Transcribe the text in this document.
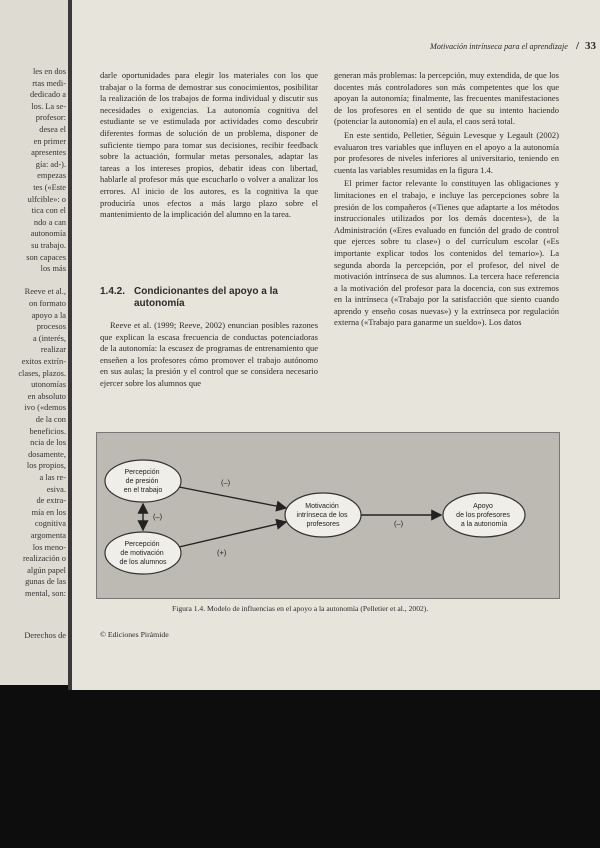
les en dos
rtas medi-
dedicado a
los. La se-
profesor:
desea el
en primer
apresentes
gía: ad-).
empezas
tes («Este
ulfcible»: o
tica con el
ndo a can
autonomía
su trabajo.
son capaces
los más
Reeve et al.,
on formato
apoyo a la
procesos
a (interés,
realizar
exitos extrín-
clases, plazos.
utonomías
en absoluto
ivo («demos
de la con
beneficios.
ncia de los
dosamente,
los propios,
a las re-
esiva.
de extra-
mía en los
cognitiva
argomenta
los meno-
realización o
algún papel
gunas de las
mental, son:
Derechos de
Motivación intrínseca para el aprendizaje / 33

darle oportunidades para elegir los materiales con los que trabajar o la forma de demostrar sus conocimientos, posibilitar la realización de los trabajos de forma individual y discutir sus necesidades o exigencias. La autonomía cognitiva del estudiante se ve estimulada por actividades como descubrir diferentes formas de solución de un problema, disponer de suficiente tiempo para tomar sus decisiones, recibir feedback sobre la actuación, formular metas personales, adaptar las tareas a los intereses propios, debatir ideas con libertad, hablarle al profesor más que escucharlo o volver a analizar los errores. Al inicio de los autores, es la cognitiva la que produciría unos efectos a más largo plazo sobre el mantenimiento de la implicación del alumno en la tarea.

1.4.2. Condicionantes del apoyo a la autonomía

Reeve et al. (1999; Reeve, 2002) enuncian posibles razones que explican la escasa frecuencia de conductas potenciadoras de la autonomía: la escasez de programas de entrenamiento que enseñen a los profesores cómo promover el trabajo autónomo en sus aulas; la presión y el control que se considera necesario ejercer sobre los alumnos que

generan más problemas: la percepción, muy extendida, de que los docentes más controladores son más competentes que los que apoyan la autonomía; finalmente, las frecuentes manifestaciones de los profesores en el sentido de que su intento haciendo (potenciar la autonomía) en el aula, el caos será total.

En este sentido, Pelletier, Séguin Levesque y Legault (2002) evaluaron tres variables que influyen en el apoyo a la autonomía por profesores de niveles inferiores al universitario, teniendo en cuenta las variables resumidas en la figura 1.4.

El primer factor relevante lo constituyen las obligaciones y limitaciones en el trabajo, e incluye las percepciones sobre la presión de los compañeros («Tienes que adaptarte a los métodos instruccionales utilizados por los demás docentes»), de la Administración («Eres evaluado en función del grado de control que ejerces sobre tu clase») o del currículum escolar («Es importante explicar todos los contenidos del temario»). La segunda aborda la percepción, por el profesor, del nivel de motivación intrínseca de sus alumnos. La tercera hace referencia a la motivación del profesor para la docencia, con sus extremos en la intrínseca («Trabajo por la satisfacción que siento cuando aprendo y enseño cosas nuevas») y la extrínseca por regulación externa («Trabajo para ganarme un sueldo»). Los datos

Percepción de presión en el trabajo
Percepción de motivación de los alumnos
Motivación intrínseca de los profesores
Apoyo de los profesores a la autonomía
(–)
(–)
(+)
(–)
Figura 1.4. Modelo de influencias en el apoyo a la autonomía (Pelletier et al., 2002).
© Ediciones Pirámide
